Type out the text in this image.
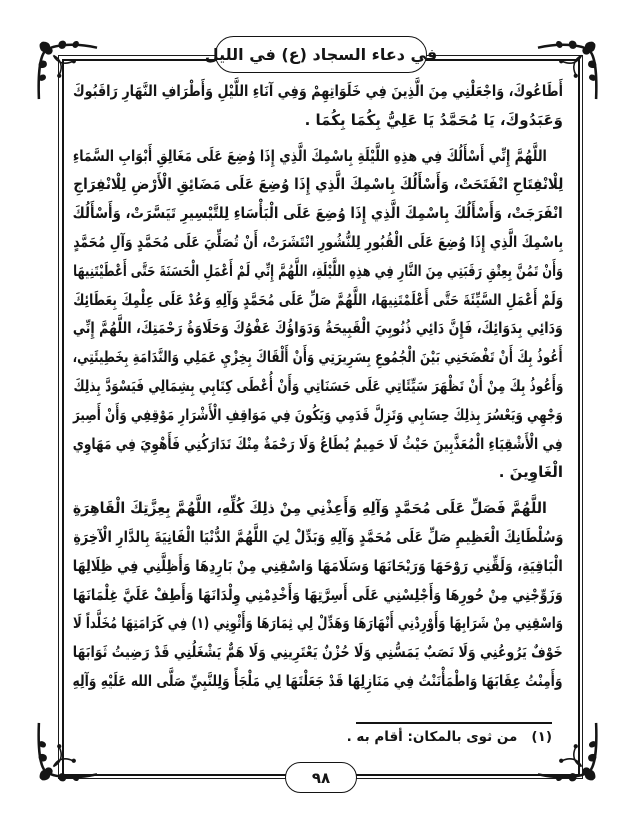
في دعاء السجاد (ع) في الليل
أَطَاعُوكَ، وَاجْعَلْنِي مِنَ الَّذِينَ فِي خَلَوَاتِهِمْ وَفِي آنَاءِ اللَّيْلِ وَأَطْرَافِ النَّهَارِ رَاقَبُوكَ
وَعَبَدُوكَ، يَا مُحَمَّدُ يَا عَلِيُّ بِكُمَا بِكُمَا .
اللَّهُمَّ إِنِّي أَسْأَلُكَ فِي هذِهِ اللَّيْلَةِ بِاسْمِكَ الَّذِي إِذَا وُضِعَ عَلَى مَغَالِقِ أَبْوَابِ السَّمَاءِ
لِلْانْفِتَاحِ انْفَتَحَتْ، وَأَسْأَلُكَ بِاسْمِكَ الَّذِي إِذَا وُضِعَ عَلَى مَضَائِقِ الْأَرْضِ لِلْانْفِرَاجِ
انْفَرَجَتْ، وَأَسْأَلُكَ بِاسْمِكَ الَّذِي إِذَا وُضِعَ عَلَى الْبَأْسَاءِ لِلتَّيْسِيرِ تَيَسَّرَتْ، وَأَسْأَلُكَ
بِاسْمِكَ الَّذِي إِذَا وُضِعَ عَلَى الْقُبُورِ لِلنُّشُورِ انْتَشَرَتْ، أَنْ تُصَلِّيَ عَلَى مُحَمَّدٍ وَآلِ مُحَمَّدٍ
وَأَنْ تَمُنَّ بِعِتْقِ رَقَبَتِي مِنَ النَّارِ فِي هذِهِ اللَّيْلَةِ، اللَّهُمَّ إِنِّي لَمْ أَعْمَلِ الْحَسَنَةَ حَتَّى أَعْطَيْتَنِيهَا
وَلَمْ أَعْمَلِ السَّيِّئَةَ حَتَّى أَعْلَمْتَنِيهَا، اللَّهُمَّ صَلِّ عَلَى مُحَمَّدٍ وَآلِهِ وَعُدْ عَلَى عِلْمِكَ بِعَطَائِكَ
وَدَائِي بِدَوَائِكَ، فَإِنَّ دَائِي ذُنُوبِيَ الْقَبِيحَةُ وَدَوَاؤُكَ عَفْوُكَ وَحَلَاوَةُ رَحْمَتِكَ، اللَّهُمَّ إِنِّي
أَعُوذُ بِكَ أَنْ تَفْضَحَنِي بَيْنَ الْجُمُوعِ بِسَرِيرَتِي وَأَنْ أَلْقَاكَ بِخِزْيِ عَمَلِي وَالنَّدَامَةِ بِخَطِيئَتِي،
وَأَعُوذُ بِكَ مِنْ أَنْ تَظْهَرَ سَيِّئَاتِي عَلَى حَسَنَاتِي وَأَنْ أُعْطَى كِتَابِي بِشِمَالِي فَيَسْوَدَّ بِذلِكَ
وَجْهِي وَيَعْسُرَ بِذلِكَ حِسَابِي وَتَزِلَّ قَدَمِي وَيَكُونَ فِي مَوَاقِفِ الْأَشْرَارِ مَوْقِفِي وَأَنْ أَصِيرَ
فِي الْأَشْقِيَاءِ الْمُعَذَّبِينَ حَيْثُ لَا حَمِيمٌ يُطَاعُ وَلَا رَحْمَةٌ مِنْكَ تَدَارَكُنِي فَأَهْوِيَ فِي مَهَاوِي
الْغَاوِينَ .
اللَّهُمَّ فَصَلِّ عَلَى مُحَمَّدٍ وَآلِهِ وَأَعِذْنِي مِنْ ذلِكَ كُلِّهِ، اللَّهُمَّ بِعِزَّتِكَ الْقَاهِرَةِ
وَسُلْطَانِكَ الْعَظِيمِ صَلِّ عَلَى مُحَمَّدٍ وَآلِهِ وَبَدِّلْ لِيَ اللَّهُمَّ الدُّنْيَا الْفَانِيَةَ بِالدَّارِ الْآخِرَةِ
الْبَاقِيَةِ، وَلَقِّنِي رَوْحَهَا وَرَيْحَانَهَا وَسَلَامَهَا وَاسْقِنِي مِنْ بَارِدِهَا وَأَظِلَّنِي فِي ظِلَالِهَا
وَزَوِّجْنِي مِنْ حُورِهَا وَأَجْلِسْنِي عَلَى أَسِرَّتِهَا وَأَخْدِمْنِي وِلْدَانَهَا وَأَطِفْ عَلَيَّ غِلْمَانَهَا
وَاسْقِنِي مِنْ شَرَابِهَا وَأَوْرِدْنِي أَنْهَارَهَا وَهَدِّلْ لِي ثِمَارَهَا وَأَثْوِنِي (١) فِي كَرَامَتِهَا مُخَلَّداً لَا
خَوْفٌ يَرُوعُنِي وَلَا نَصَبٌ يَمَسُّنِي وَلَا حُزْنٌ يَعْتَرِينِي وَلَا هَمٌّ يَشْغَلُنِي قَدْ رَضِيتُ ثَوَابَهَا
وَأَمِنْتُ عِقَابَهَا وَاطْمَأْنَنْتُ فِي مَنَازِلِهَا قَدْ جَعَلْتَهَا لِي مَلْجَأً وَلِلنَّبِيِّ صَلَّى الله عَلَيْهِ وَآلِهِ
(١)من ثوى بالمكان: أقام به .
٩٨
